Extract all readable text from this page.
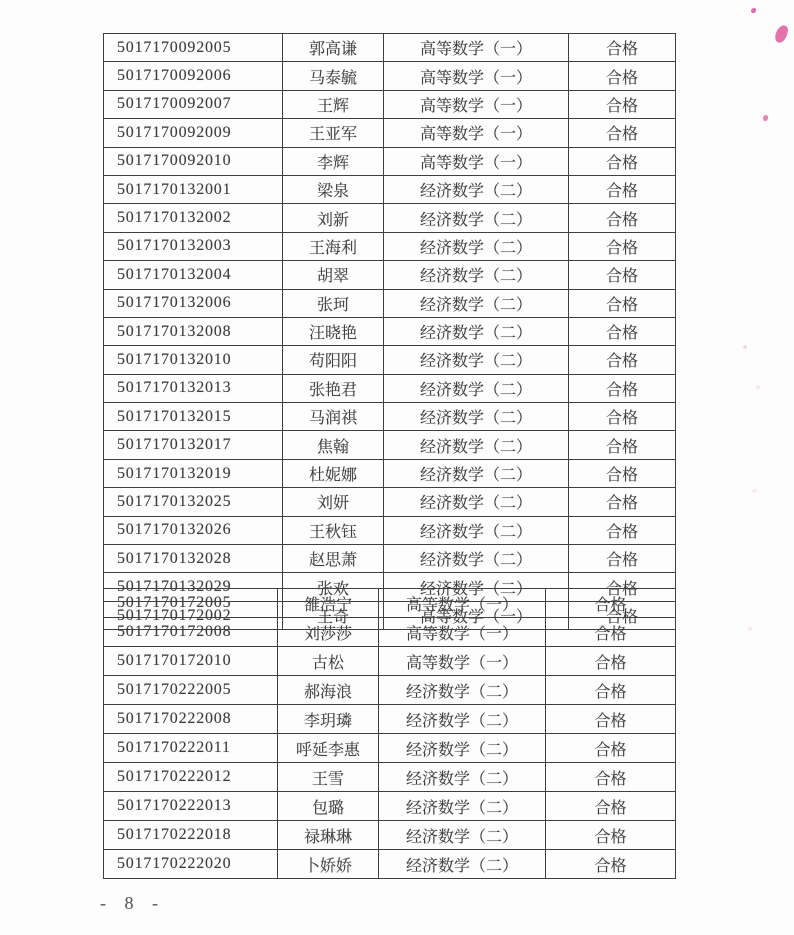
5017170092005	郭高谦	高等数学（一）	合格
5017170092006	马泰毓	高等数学（一）	合格
5017170092007	王辉	高等数学（一）	合格
5017170092009	王亚军	高等数学（一）	合格
5017170092010	李辉	高等数学（一）	合格
5017170132001	梁泉	经济数学（二）	合格
5017170132002	刘新	经济数学（二）	合格
5017170132003	王海利	经济数学（二）	合格
5017170132004	胡翠	经济数学（二）	合格
5017170132006	张珂	经济数学（二）	合格
5017170132008	汪晓艳	经济数学（二）	合格
5017170132010	苟阳阳	经济数学（二）	合格
5017170132013	张艳君	经济数学（二）	合格
5017170132015	马润祺	经济数学（二）	合格
5017170132017	焦翰	经济数学（二）	合格
5017170132019	杜妮娜	经济数学（二）	合格
5017170132025	刘妍	经济数学（二）	合格
5017170132026	王秋钰	经济数学（二）	合格
5017170132028	赵思萧	经济数学（二）	合格
5017170132029	张欢	经济数学（二）	合格
5017170172002	王奇	高等数学（一）	合格
5017170172005	雒浩宁	高等数学（一）	合格
5017170172008	刘莎莎	高等数学（一）	合格
5017170172010	古松	高等数学（一）	合格
5017170222005	郝海浪	经济数学（二）	合格
5017170222008	李玥璘	经济数学（二）	合格
5017170222011	呼延李惠	经济数学（二）	合格
5017170222012	王雪	经济数学（二）	合格
5017170222013	包璐	经济数学（二）	合格
5017170222018	禄琳琳	经济数学（二）	合格
5017170222020	卜娇娇	经济数学（二）	合格
- 8 -
